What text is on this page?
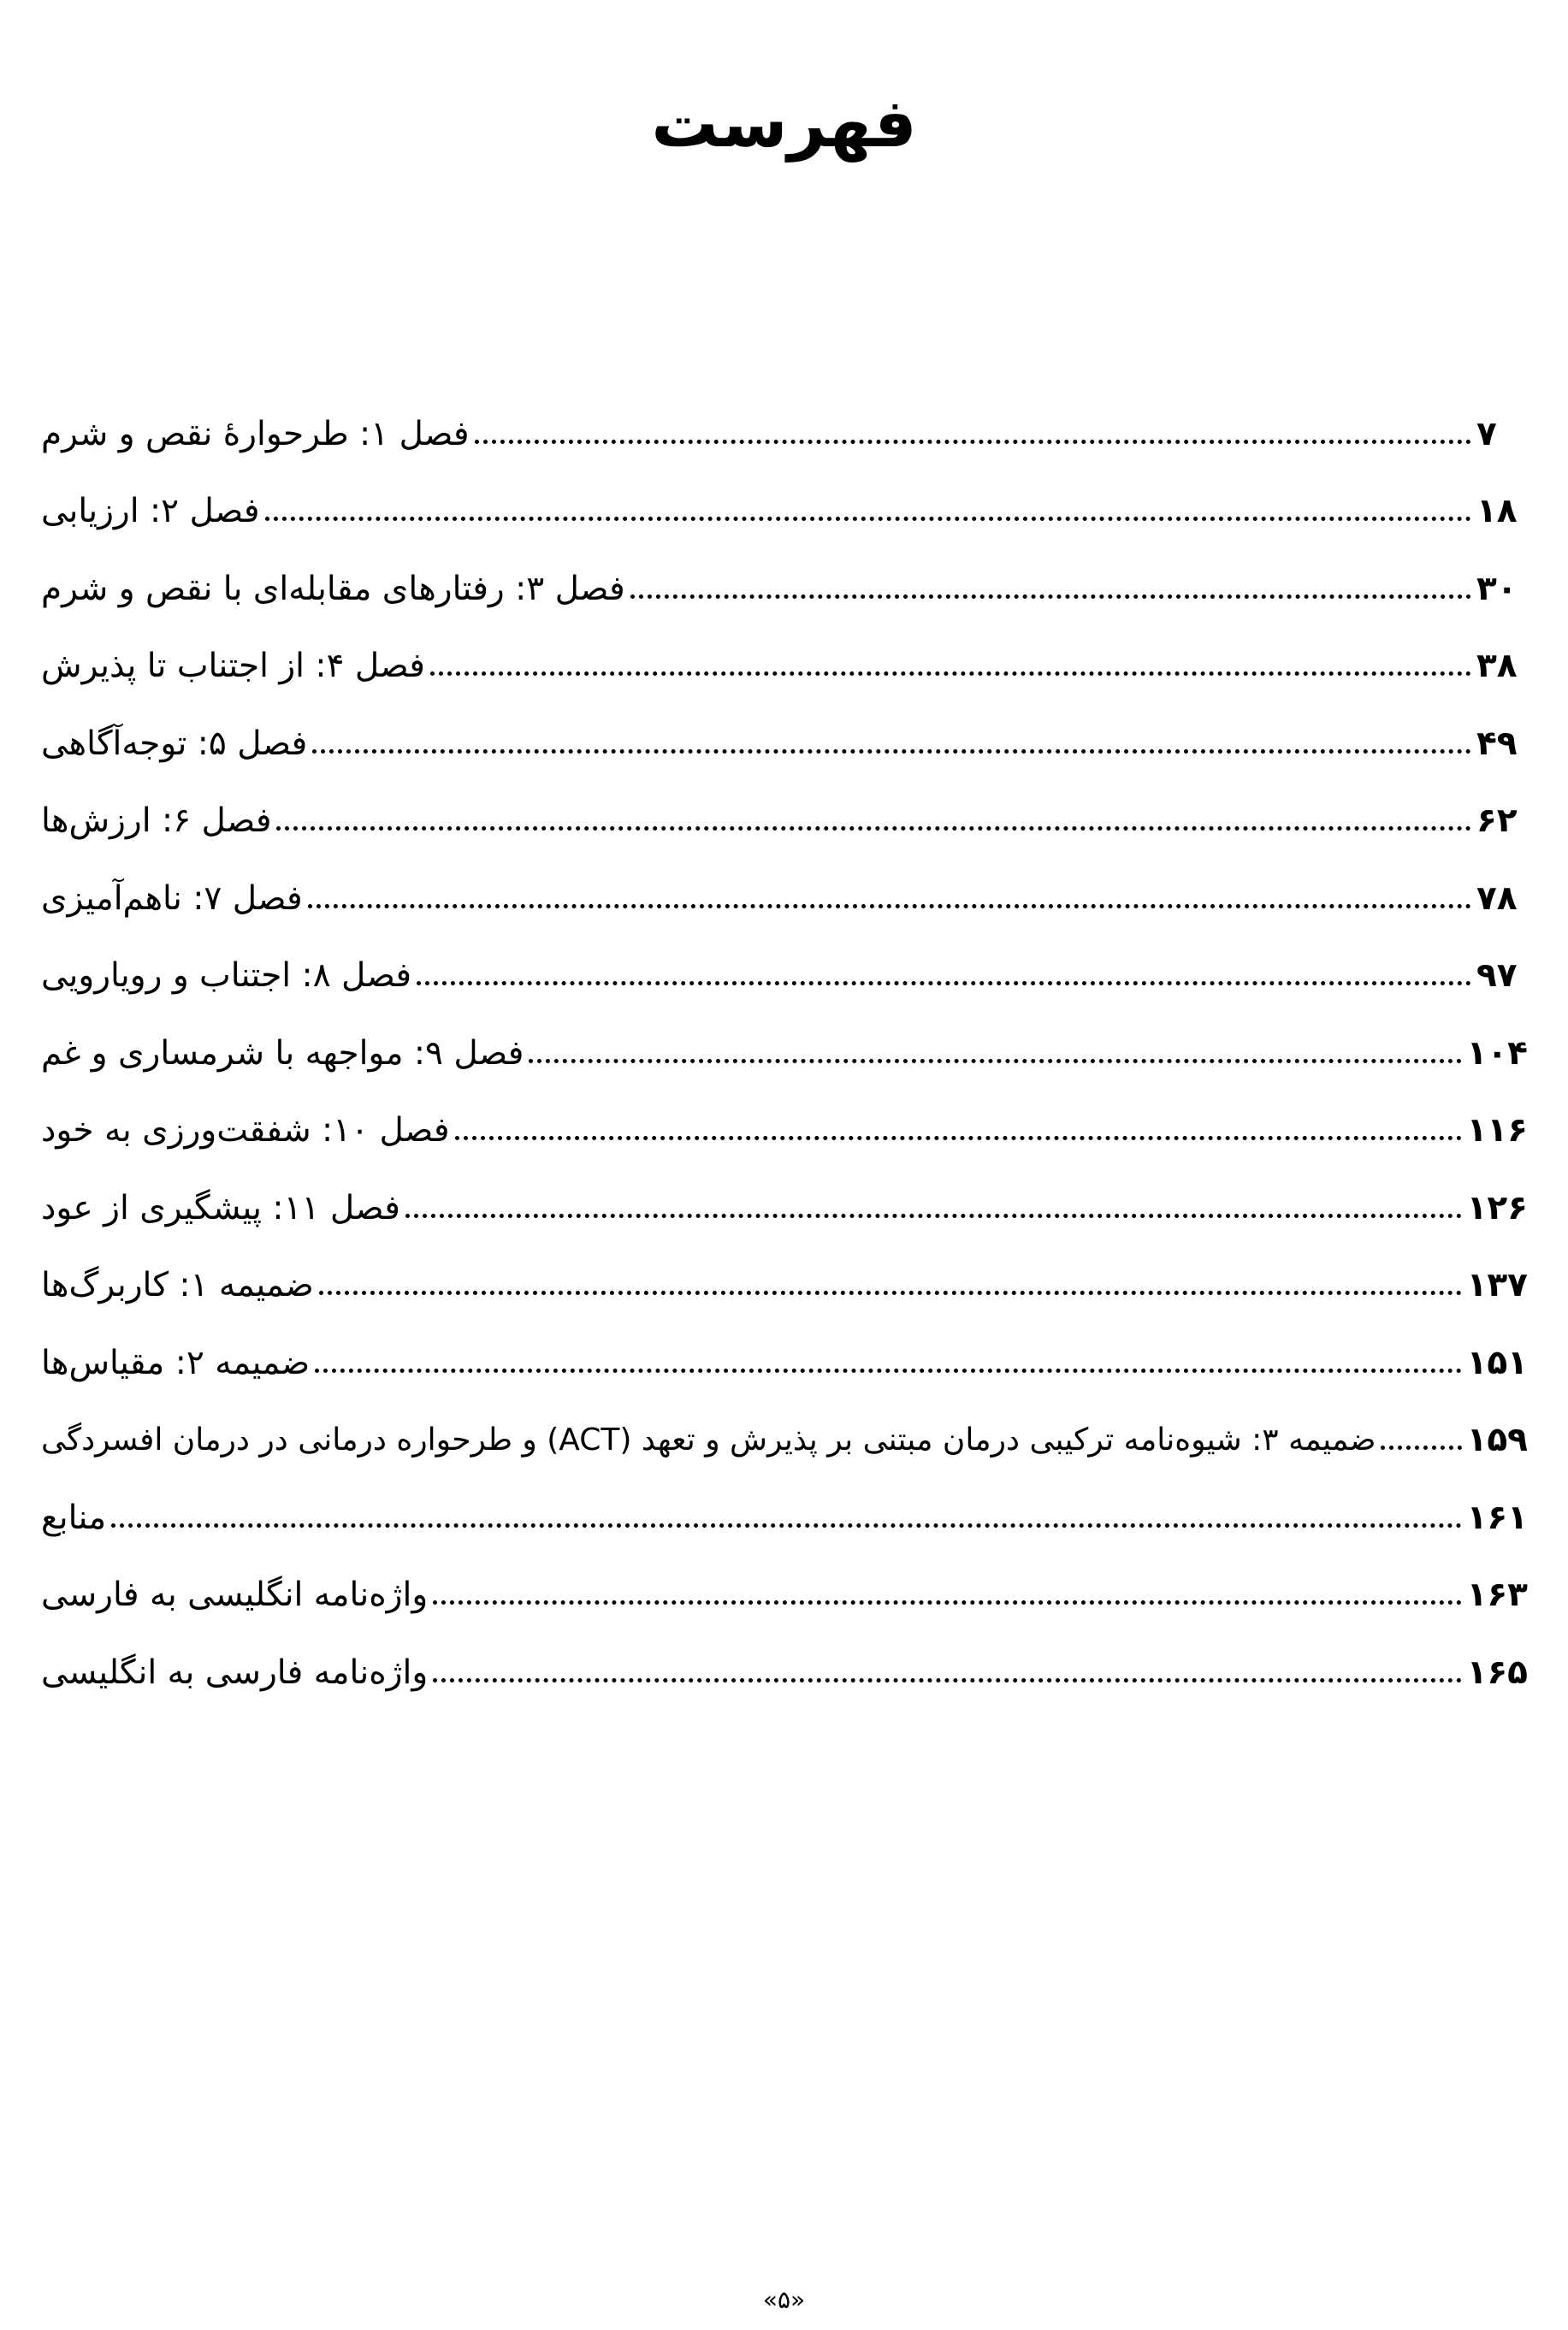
فهرست
فصل ۱: طرحوارۀ نقص و شرم	۷
فصل ۲: ارزیابی	۱۸
فصل ۳: رفتارهای مقابله‌ای با نقص و شرم	۳۰
فصل ۴: از اجتناب تا پذیرش	۳۸
فصل ۵: توجه‌آگاهی	۴۹
فصل ۶: ارزش‌ها	۶۲
فصل ۷: ناهم‌آمیزی	۷۸
فصل ۸: اجتناب و رویارویی	۹۷
فصل ۹: مواجهه با شرمساری و غم	۱۰۴
فصل ۱۰: شفقت‌ورزی به خود	۱۱۶
فصل ۱۱: پیشگیری از عود	۱۲۶
ضمیمه ۱: کاربرگ‌ها	۱۳۷
ضمیمه ۲: مقیاس‌ها	۱۵۱
ضمیمه ۳: شیوه‌نامه ترکیبی درمان مبتنی بر پذیرش و تعهد (ACT) و طرحواره درمانی در درمان افسردگی	۱۵۹
منابع	۱۶۱
واژه‌نامه انگلیسی به فارسی	۱۶۳
واژه‌نامه فارسی به انگلیسی	۱۶۵
«۵»
